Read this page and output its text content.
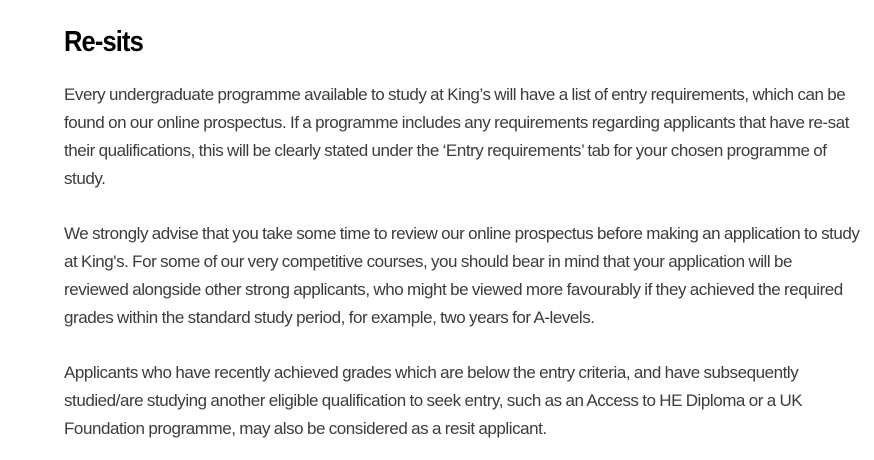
Re-sits

Every undergraduate programme available to study at King’s will have a list of entry requirements, which can be found on our online prospectus. If a programme includes any requirements regarding applicants that have re-sat their qualifications, this will be clearly stated under the ‘Entry requirements’ tab for your chosen programme of study.

We strongly advise that you take some time to review our online prospectus before making an application to study at King's. For some of our very competitive courses, you should bear in mind that your application will be reviewed alongside other strong applicants, who might be viewed more favourably if they achieved the required grades within the standard study period, for example, two years for A-levels.

Applicants who have recently achieved grades which are below the entry criteria, and have subsequently studied/are studying another eligible qualification to seek entry, such as an Access to HE Diploma or a UK Foundation programme, may also be considered as a resit applicant.
